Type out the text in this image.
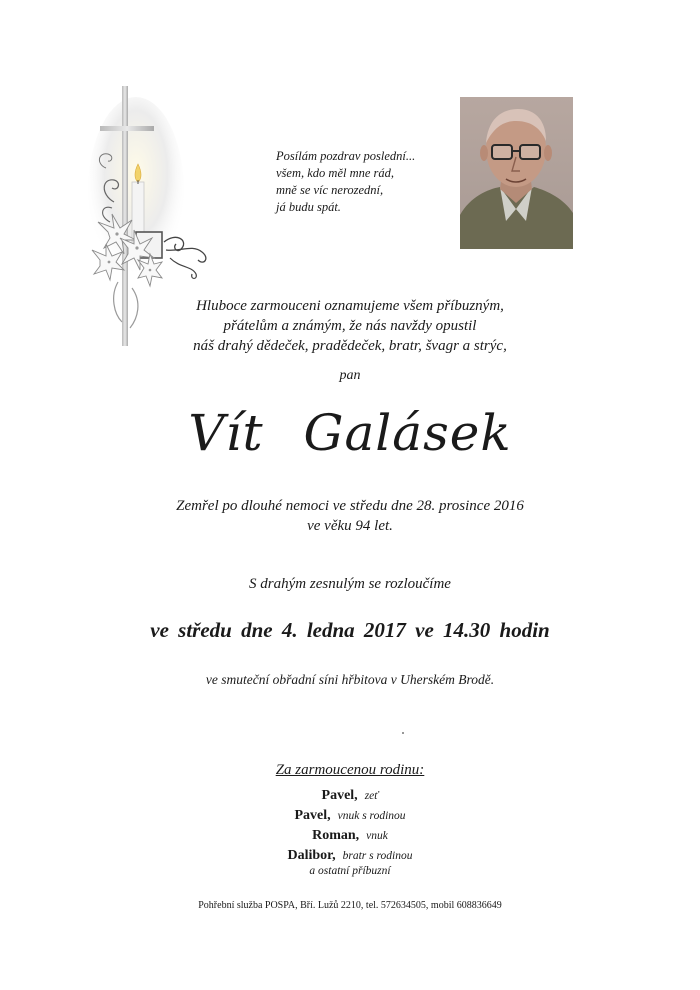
Posílám pozdrav poslední...
všem, kdo měl mne rád,
mně se víc nerozední,
já budu spát.
Hluboce zarmouceni oznamujeme všem příbuzným,
přátelům a známým, že nás navždy opustil
náš drahý dědeček, pradědeček, bratr, švagr a strýc,
pan
Vít Galásek
Zemřel po dlouhé nemoci ve středu dne 28. prosince 2016
ve věku 94 let.
S drahým zesnulým se rozloučíme
ve středu dne 4. ledna 2017 ve 14.30 hodin
ve smuteční obřadní síni hřbitova v Uherském Brodě.
Za zarmoucenou rodinu:
Pavel, zeť
Pavel, vnuk s rodinou
Roman, vnuk
Dalibor, bratr s rodinou
a ostatní příbuzní
Pohřební služba POSPA, Bří. Lužů 2210, tel. 572634505, mobil 608836649
